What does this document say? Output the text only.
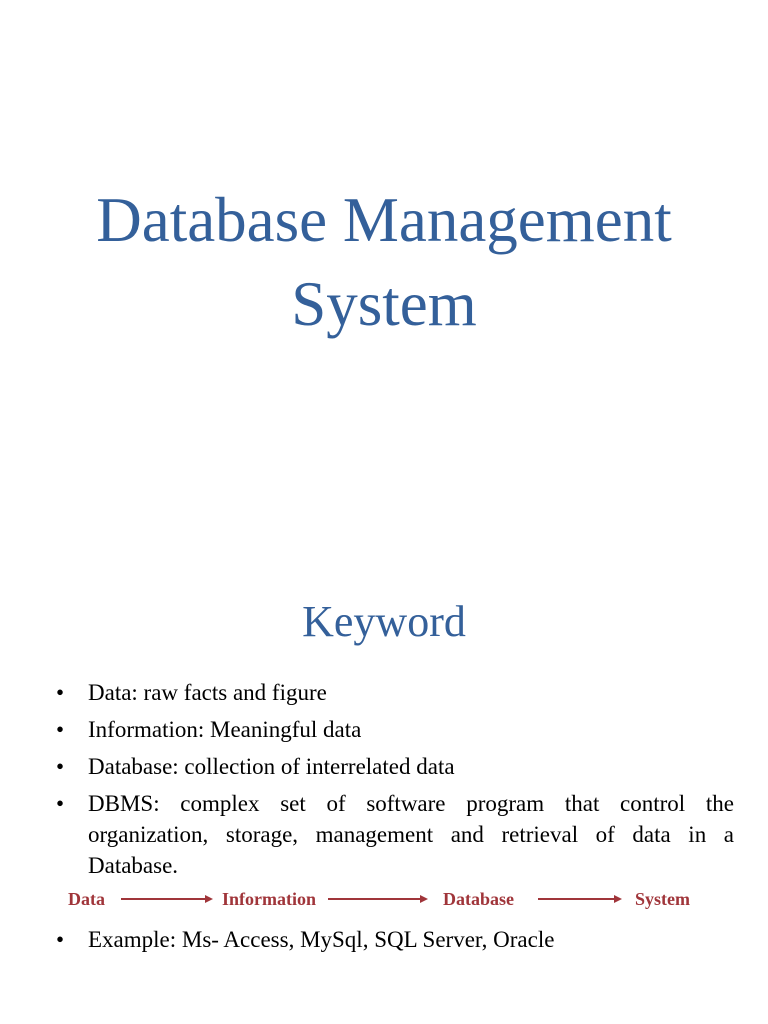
Database Management
System
Keyword
• Data: raw facts and figure
• Information: Meaningful data
• Database: collection of interrelated data
• DBMS: complex set of software program that control the organization, storage, management and retrieval of data in a Database.
Data	Information	Database	System
• Example: Ms- Access, MySql, SQL Server, Oracle
